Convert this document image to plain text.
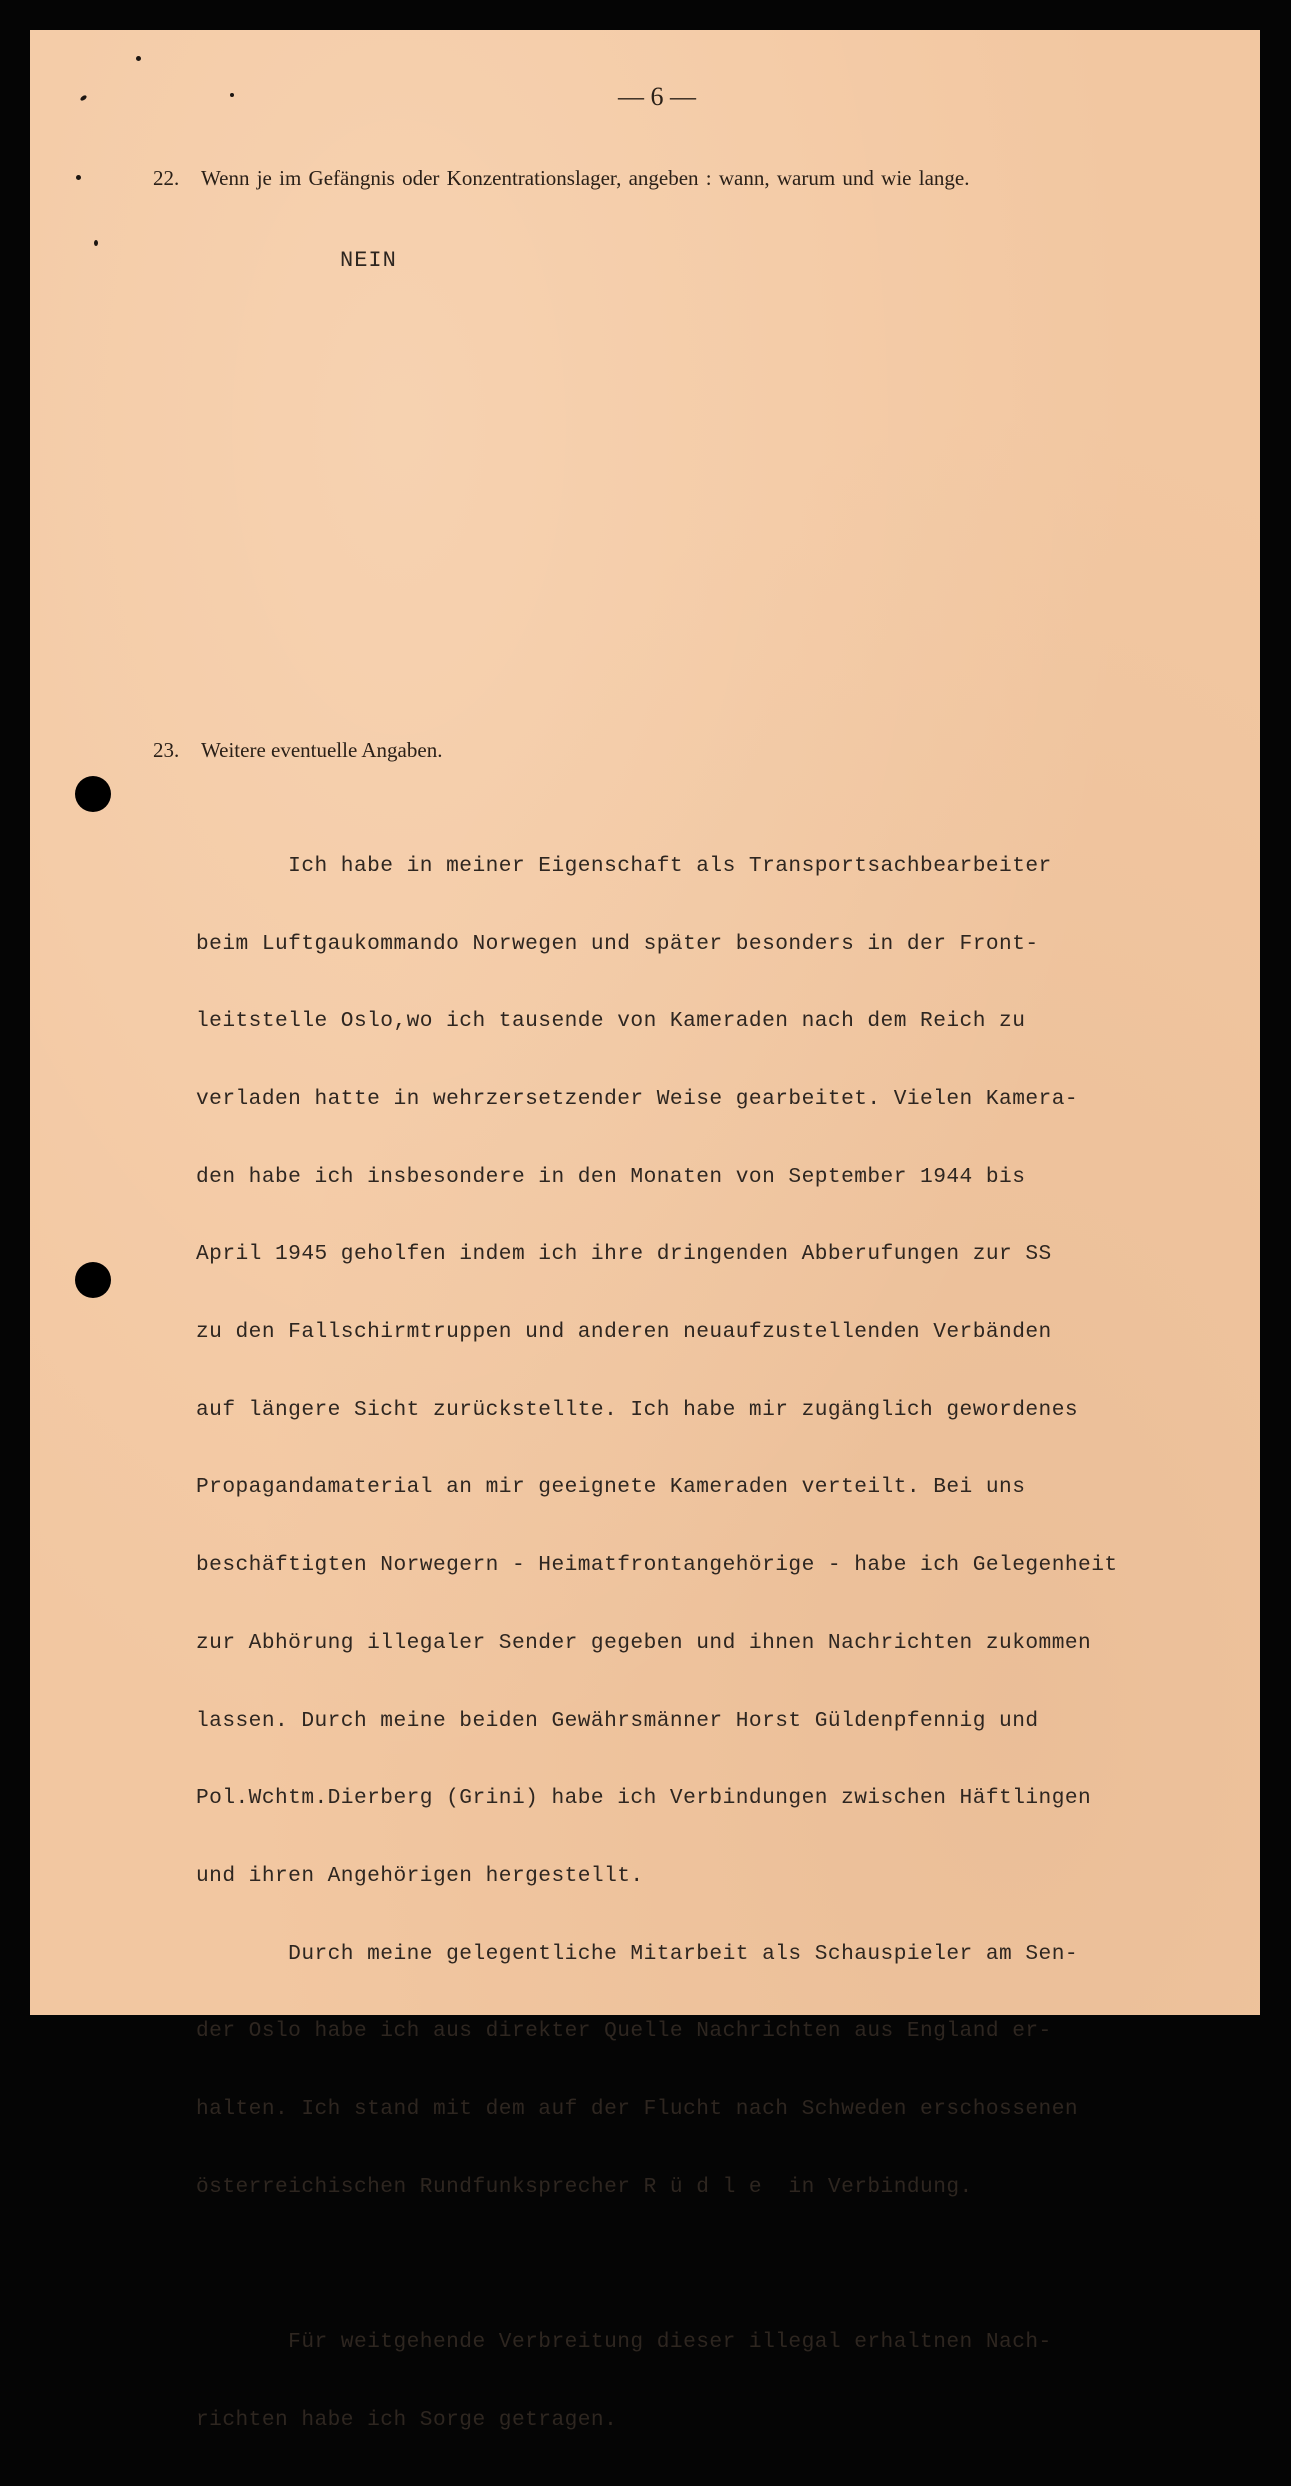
— 6 —
22. Wenn je im Gefängnis oder Konzentrationslager, angeben : wann, warum und wie lange.
NEIN
23. Weitere eventuelle Angaben.

Ich habe in meiner Eigenschaft als Transportsachbearbeiter

beim Luftgaukommando Norwegen und später besonders in der Front-

leitstelle Oslo,wo ich tausende von Kameraden nach dem Reich zu

verladen hatte in wehrzersetzender Weise gearbeitet. Vielen Kamera-

den habe ich insbesondere in den Monaten von September 1944 bis

April 1945 geholfen indem ich ihre dringenden Abberufungen zur SS

zu den Fallschirmtruppen und anderen neuaufzustellenden Verbänden

auf längere Sicht zurückstellte. Ich habe mir zugänglich gewordenes

Propagandamaterial an mir geeignete Kameraden verteilt. Bei uns

beschäftigten Norwegern - Heimatfrontangehörige - habe ich Gelegenheit

zur Abhörung illegaler Sender gegeben und ihnen Nachrichten zukommen

lassen. Durch meine beiden Gewährsmänner Horst Güldenpfennig und

Pol.Wchtm.Dierberg (Grini) habe ich Verbindungen zwischen Häftlingen

und ihren Angehörigen hergestellt.

Durch meine gelegentliche Mitarbeit als Schauspieler am Sen-

der Oslo habe ich aus direkter Quelle Nachrichten aus England er-

halten. Ich stand mit dem auf der Flucht nach Schweden erschossenen

österreichischen Rundfunksprecher R ü d l e  in Verbindung.

Für weitgehende Verbreitung dieser illegal erhaltnen Nach-

richten habe ich Sorge getragen.
